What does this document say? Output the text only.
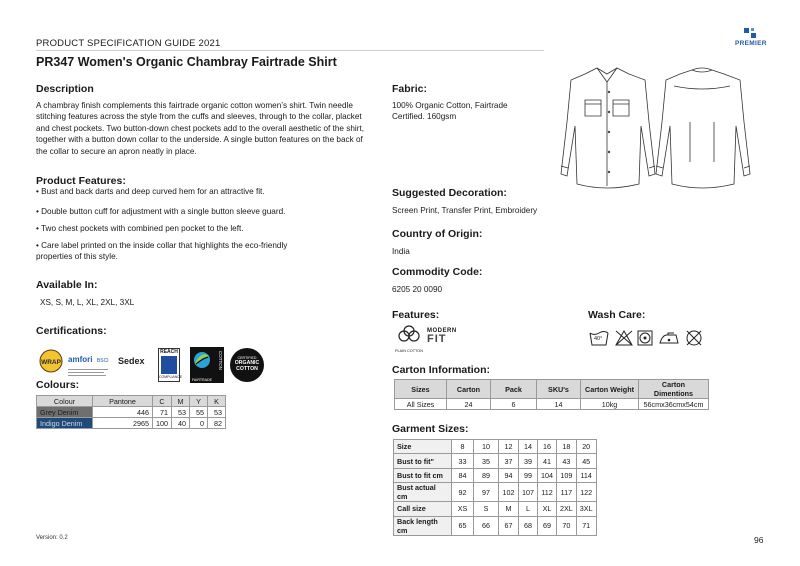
PRODUCT SPECIFICATION GUIDE 2021	PREMIER
PR347 Women's Organic Chambray Fairtrade Shirt
Description
A chambray finish complements this fairtrade organic cotton women’s shirt. Twin needle stitching features across the style from the cuffs and sleeves, through to the collar, placket and chest pockets. Two button-down chest pockets add to the overall aesthetic of the shirt, together with a button down collar to the underside. A single button features on the back of the collar to secure an apron neatly in place.
Product Features:
• Bust and back darts and deep curved hem for an attractive fit.
• Double button cuff for adjustment with a single button sleeve guard.
• Two chest pockets with combined pen pocket to the left.
• Care label printed on the inside collar that highlights the eco-friendly properties of this style.
Available In:
XS, S, M, L, XL, 2XL, 3XL
Certifications:
WRAP amfori BSCI	Sedex
REACH
COMPLIANCE
FAIRTRADE
COTTON	CERTIFIED
ORGANIC
COTTON
Colours:
Colour	Pantone	C	M	Y	K
Grey Denim	446	71	53	55	53
Indigo Denim	2965	100	40	0	82
Fabric:
100% Organic Cotton, Fairtrade Certified. 160gsm
Suggested Decoration:
Screen Print, Transfer Print, Embroidery
Country of Origin:
India
Commodity Code:
6205 20 0090
Features:
PLAIN COTTON
MODERN
FIT
Wash Care:
40°
Carton Information:
Sizes	Carton	Pack	SKU's	Carton Weight	Carton Dimentions
All Sizes	24	6	14	10kg	56cmx36cmx54cm
Garment Sizes:
Size	8	10	12	14	16	18	20
Bust to fit"	33	35	37	39	41	43	45
Bust to fit cm	84	89	94	99	104	109	114
Bust actual cm	92	97	102	107	112	117	122
Call size	XS	S	M	L	XL	2XL	3XL
Back length cm	65	66	67	68	69	70	71
Version: 0.2	96
